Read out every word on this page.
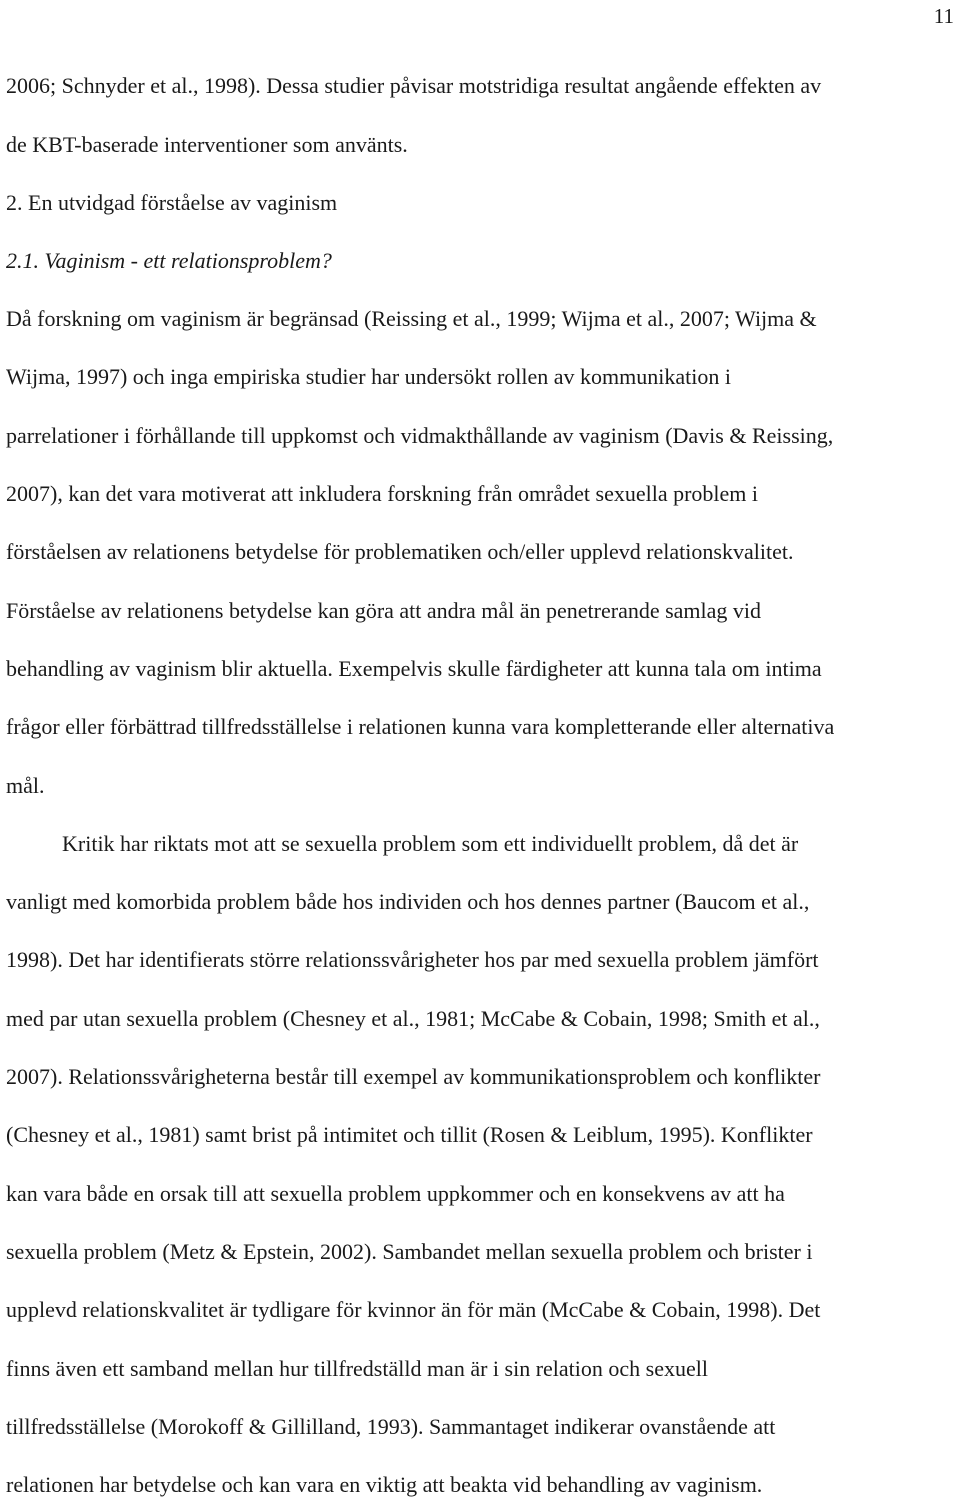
11
2006; Schnyder et al., 1998). Dessa studier påvisar motstridiga resultat angående effekten av
de KBT-baserade interventioner som använts.
2. En utvidgad förståelse av vaginism
2.1. Vaginism - ett relationsproblem?
Då forskning om vaginism är begränsad (Reissing et al., 1999; Wijma et al., 2007; Wijma &
Wijma, 1997) och inga empiriska studier har undersökt rollen av kommunikation i
parrelationer i förhållande till uppkomst och vidmakthållande av vaginism (Davis & Reissing,
2007), kan det vara motiverat att inkludera forskning från området sexuella problem i
förståelsen av relationens betydelse för problematiken och/eller upplevd relationskvalitet.
Förståelse av relationens betydelse kan göra att andra mål än penetrerande samlag vid
behandling av vaginism blir aktuella. Exempelvis skulle färdigheter att kunna tala om intima
frågor eller förbättrad tillfredsställelse i relationen kunna vara kompletterande eller alternativa
mål.
Kritik har riktats mot att se sexuella problem som ett individuellt problem, då det är
vanligt med komorbida problem både hos individen och hos dennes partner (Baucom et al.,
1998). Det har identifierats större relationssvårigheter hos par med sexuella problem jämfört
med par utan sexuella problem (Chesney et al., 1981; McCabe & Cobain, 1998; Smith et al.,
2007). Relationssvårigheterna består till exempel av kommunikationsproblem och konflikter
(Chesney et al., 1981) samt brist på intimitet och tillit (Rosen & Leiblum, 1995). Konflikter
kan vara både en orsak till att sexuella problem uppkommer och en konsekvens av att ha
sexuella problem (Metz & Epstein, 2002). Sambandet mellan sexuella problem och brister i
upplevd relationskvalitet är tydligare för kvinnor än för män (McCabe & Cobain, 1998). Det
finns även ett samband mellan hur tillfredställd man är i sin relation och sexuell
tillfredsställelse (Morokoff & Gillilland, 1993). Sammantaget indikerar ovanstående att
relationen har betydelse och kan vara en viktig att beakta vid behandling av vaginism.
